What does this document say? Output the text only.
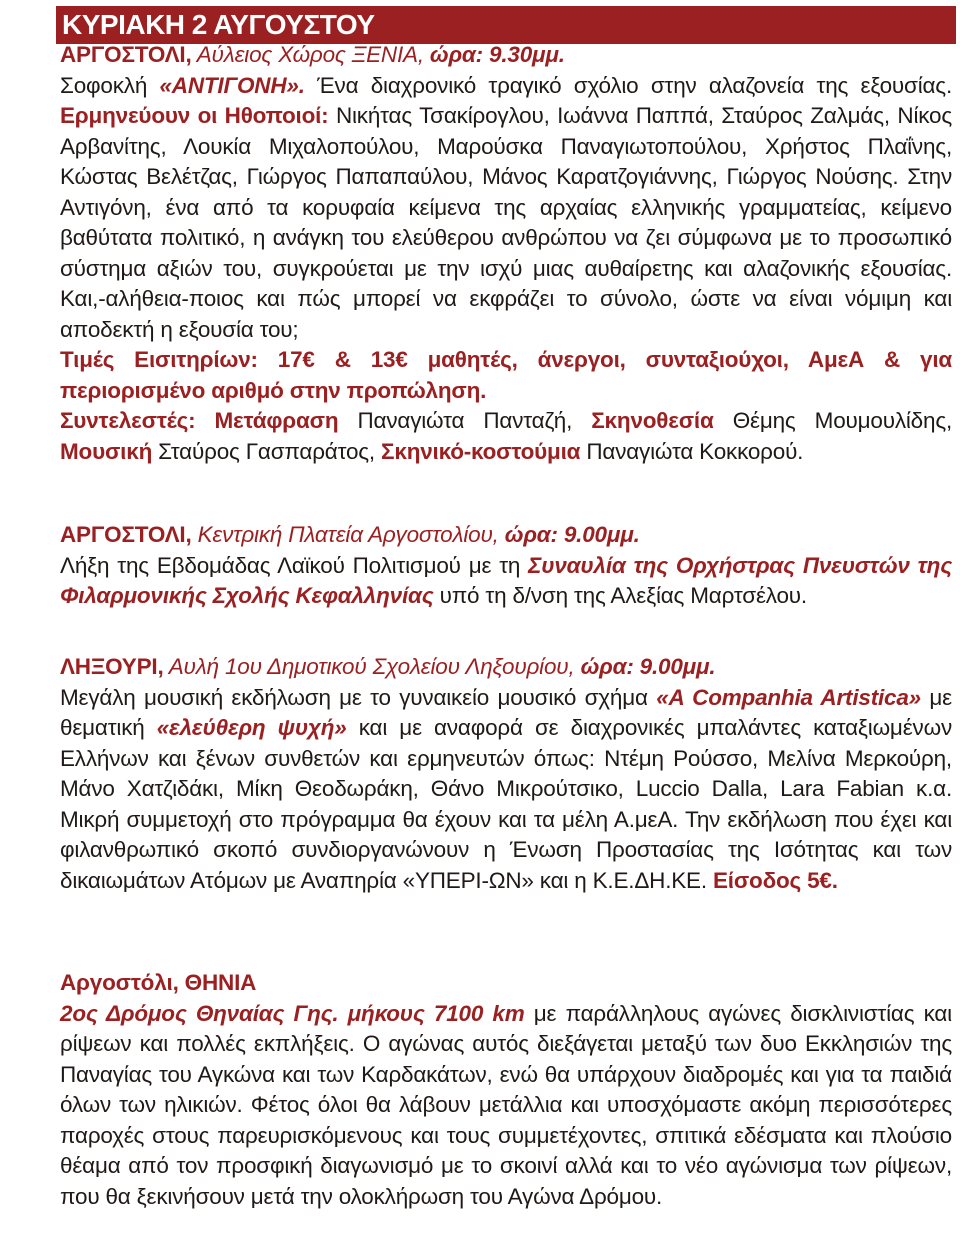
ΚΥΡΙΑΚΗ 2 ΑΥΓΟΥΣΤΟΥ

ΑΡΓΟΣΤΟΛΙ, Αύλειος Χώρος ΞΕΝΙΑ, ώρα: 9.30μμ.
Σοφοκλή «ΑΝΤΙΓΟΝΗ». Ένα διαχρονικό τραγικό σχόλιο στην αλαζονεία της εξουσίας. Ερμηνεύουν οι Ηθοποιοί: Νικήτας Τσακίρογλου, Ιωάννα Παππά, Σταύρος Ζαλμάς, Νίκος Αρβανίτης, Λουκία Μιχαλοπούλου, Μαρούσκα Παναγιωτοπούλου, Χρήστος Πλαΐνης, Κώστας Βελέτζας, Γιώργος Παπαπαύλου, Μάνος Καρατζογιάννης, Γιώργος Νούσης. Στην Αντιγόνη, ένα από τα κορυφαία κείμενα της αρχαίας ελληνικής γραμματείας, κείμενο βαθύτατα πολιτικό, η ανάγκη του ελεύθερου ανθρώπου να ζει σύμφωνα με το προσωπικό σύστημα αξιών του, συγκρούεται με την ισχύ μιας αυθαίρετης και αλαζονικής εξουσίας. Και,-αλήθεια-ποιος και πώς μπορεί να εκφράζει το σύνολο, ώστε να είναι νόμιμη και αποδεκτή η εξουσία του;
Τιμές Εισιτηρίων: 17€ & 13€ μαθητές, άνεργοι, συνταξιούχοι, ΑμεΑ & για περιορισμένο αριθμό στην προπώληση.
Συντελεστές: Μετάφραση Παναγιώτα Πανταζή, Σκηνοθεσία Θέμης Μουμουλίδης, Μουσική Σταύρος Γασπαράτος, Σκηνικό-κοστούμια Παναγιώτα Κοκκορού.

ΑΡΓΟΣΤΟΛΙ, Κεντρική Πλατεία Αργοστολίου, ώρα: 9.00μμ.
Λήξη της Εβδομάδας Λαϊκού Πολιτισμού με τη Συναυλία της Ορχήστρας Πνευστών της Φιλαρμονικής Σχολής Κεφαλληνίας υπό τη δ/νση της Αλεξίας Μαρτσέλου.

ΛΗΞΟΥΡΙ, Αυλή 1ου Δημοτικού Σχολείου Ληξουρίου, ώρα: 9.00μμ.
Μεγάλη μουσική εκδήλωση με το γυναικείο μουσικό σχήμα «A Companhia Artistica» με θεματική «ελεύθερη ψυχή» και με αναφορά σε διαχρονικές μπαλάντες καταξιωμένων Ελλήνων και ξένων συνθετών και ερμηνευτών όπως: Ντέμη Ρούσσο, Μελίνα Μερκούρη, Μάνο Χατζιδάκι, Μίκη Θεοδωράκη, Θάνο Μικρούτσικο, Luccio Dalla, Lara Fabian κ.α. Μικρή συμμετοχή στο πρόγραμμα θα έχουν και τα μέλη Α.μεΑ. Την εκδήλωση που έχει και φιλανθρωπικό σκοπό συνδιοργανώνουν η Ένωση Προστασίας της Ισότητας και των δικαιωμάτων Ατόμων με Αναπηρία «ΥΠΕΡΙ-ΩΝ» και η Κ.Ε.ΔΗ.ΚΕ. Είσοδος 5€.

Αργοστόλι, ΘΗΝΙΑ
2ος Δρόμος Θηναίας Γης. μήκους 7100 km με παράλληλους αγώνες δισκλινιστίας και ρίψεων και πολλές εκπλήξεις. Ο αγώνας αυτός διεξάγεται μεταξύ των δυο Εκκλησιών της Παναγίας του Αγκώνα και των Καρδακάτων, ενώ θα υπάρχουν διαδρομές και για τα παιδιά όλων των ηλικιών. Φέτος όλοι θα λάβουν μετάλλια και υποσχόμαστε ακόμη περισσότερες παροχές στους παρευρισκόμενους και τους συμμετέχοντες, σπιτικά εδέσματα και πλούσιο θέαμα από τον προσφική διαγωνισμό με το σκοινί αλλά και το νέο αγώνισμα των ρίψεων, που θα ξεκινήσουν μετά την ολοκλήρωση του Αγώνα Δρόμου.
